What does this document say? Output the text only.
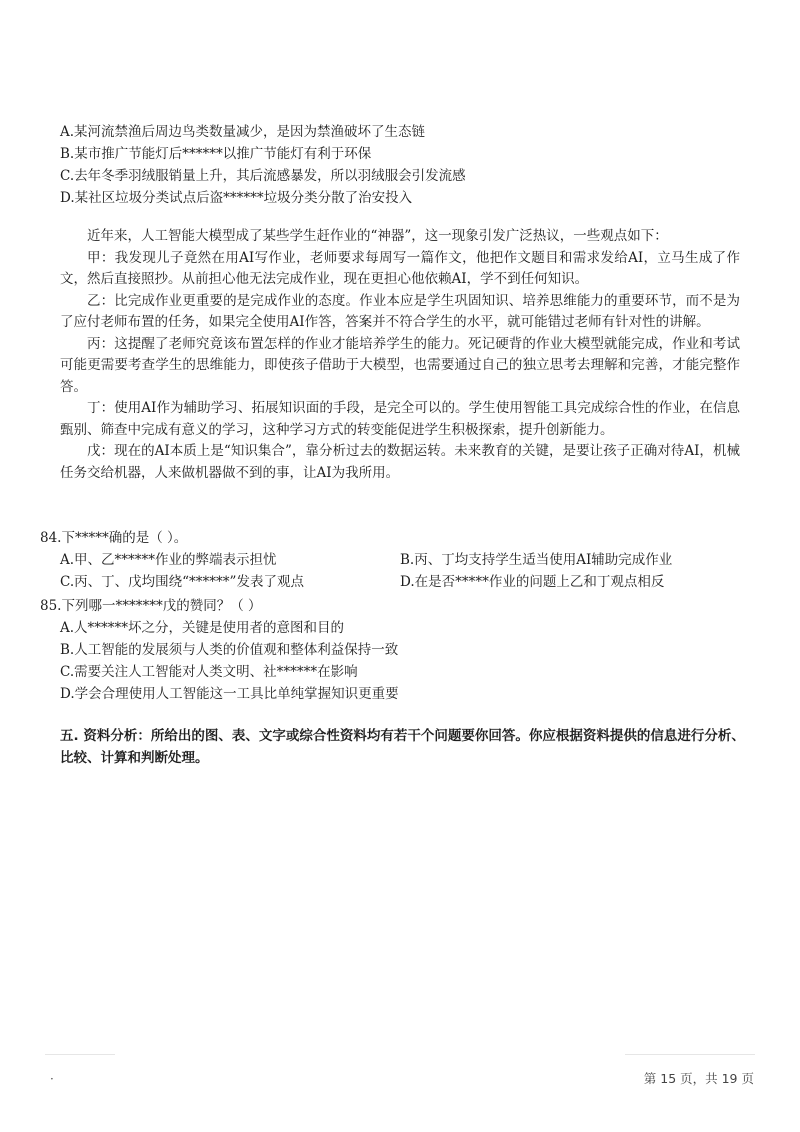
A.某河流禁渔后周边鸟类数量减少，是因为禁渔破坏了生态链
B.某市推广节能灯后******以推广节能灯有利于环保
C.去年冬季羽绒服销量上升，其后流感暴发，所以羽绒服会引发流感
D.某社区垃圾分类试点后盗******垃圾分类分散了治安投入

近年来，人工智能大模型成了某些学生赶作业的“神器”，这一现象引发广泛热议，一些观点如下：

甲：我发现儿子竟然在用AI写作业，老师要求每周写一篇作文，他把作文题目和需求发给AI，立马生成了作文，然后直接照抄。从前担心他无法完成作业，现在更担心他依赖AI，学不到任何知识。

乙：比完成作业更重要的是完成作业的态度。作业本应是学生巩固知识、培养思维能力的重要环节，而不是为了应付老师布置的任务，如果完全使用AI作答，答案并不符合学生的水平，就可能错过老师有针对性的讲解。

丙：这提醒了老师究竟该布置怎样的作业才能培养学生的能力。死记硬背的作业大模型就能完成，作业和考试可能更需要考查学生的思维能力，即使孩子借助于大模型，也需要通过自己的独立思考去理解和完善，才能完整作答。

丁：使用AI作为辅助学习、拓展知识面的手段，是完全可以的。学生使用智能工具完成综合性的作业，在信息甄别、筛查中完成有意义的学习，这种学习方式的转变能促进学生积极探索，提升创新能力。

戊：现在的AI本质上是“知识集合”，靠分析过去的数据运转。未来教育的关键，是要让孩子正确对待AI，机械任务交给机器，人来做机器做不到的事，让AI为我所用。

84.下*****确的是（ ）。
A.甲、乙******作业的弊端表示担忧	B.丙、丁均支持学生适当使用AI辅助完成作业
C.丙、丁、戊均围绕“******”发表了观点	D.在是否*****作业的问题上乙和丁观点相反
85.下列哪一*******戊的赞同？（ ）
A.人******坏之分，关键是使用者的意图和目的
B.人工智能的发展须与人类的价值观和整体利益保持一致
C.需要关注人工智能对人类文明、社******在影响
D.学会合理使用人工智能这一工具比单纯掌握知识更重要
五. 资料分析：所给出的图、表、文字或综合性资料均有若干个问题要你回答。你应根据资料提供的信息进行分析、比较、计算和判断处理。
·	第 15 页，共 19 页
